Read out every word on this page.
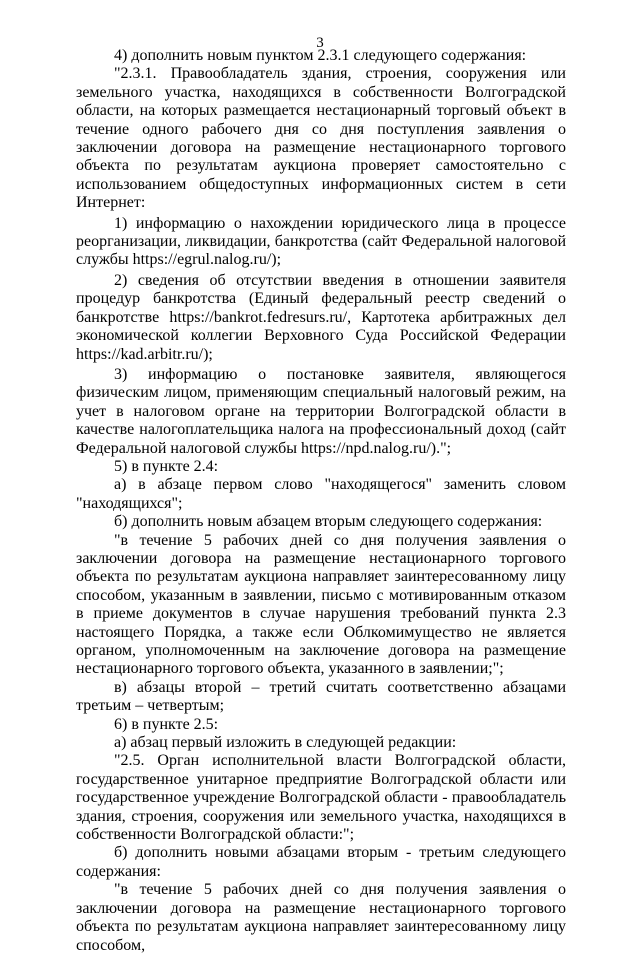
3

4) дополнить новым пунктом 2.3.1 следующего содержания:

"2.3.1. Правообладатель здания, строения, сооружения или земельного участка, находящихся в собственности Волгоградской области, на которых размещается нестационарный торговый объект в течение одного рабочего дня со дня поступления заявления о заключении договора на размещение нестационарного торгового объекта по результатам аукциона проверяет самостоятельно с использованием общедоступных информационных систем в сети Интернет:

1) информацию о нахождении юридического лица в процессе реорганизации, ликвидации, банкротства (сайт Федеральной налоговой службы https://egrul.nalog.ru/);

2) сведения об отсутствии введения в отношении заявителя процедур банкротства (Единый федеральный реестр сведений о банкротстве https://bankrot.fedresurs.ru/, Картотека арбитражных дел экономической коллегии Верховного Суда Российской Федерации https://kad.arbitr.ru/);

3) информацию о постановке заявителя, являющегося физическим лицом, применяющим специальный налоговый режим, на учет в налоговом органе на территории Волгоградской области в качестве налогоплательщика налога на профессиональный доход (сайт Федеральной налоговой службы https://npd.nalog.ru/).";

5) в пункте 2.4:

а) в абзаце первом слово "находящегося" заменить словом "находящихся";

б) дополнить новым абзацем вторым следующего содержания:

"в течение 5 рабочих дней со дня получения заявления о заключении договора на размещение нестационарного торгового объекта по результатам аукциона направляет заинтересованному лицу способом, указанным в заявлении, письмо с мотивированным отказом в приеме документов в случае нарушения требований пункта 2.3 настоящего Порядка, а также если Облкомимущество не является органом, уполномоченным на заключение договора на размещение нестационарного торгового объекта, указанного в заявлении;";

в) абзацы второй – третий считать соответственно абзацами третьим – четвертым;

6) в пункте 2.5:

а) абзац первый изложить в следующей редакции:

"2.5. Орган исполнительной власти Волгоградской области, государственное унитарное предприятие Волгоградской области или государственное учреждение Волгоградской области - правообладатель здания, строения, сооружения или земельного участка, находящихся в собственности Волгоградской области:";

б) дополнить новыми абзацами вторым - третьим следующего содержания:

"в течение 5 рабочих дней со дня получения заявления о заключении договора на размещение нестационарного торгового объекта по результатам аукциона направляет заинтересованному лицу способом,
